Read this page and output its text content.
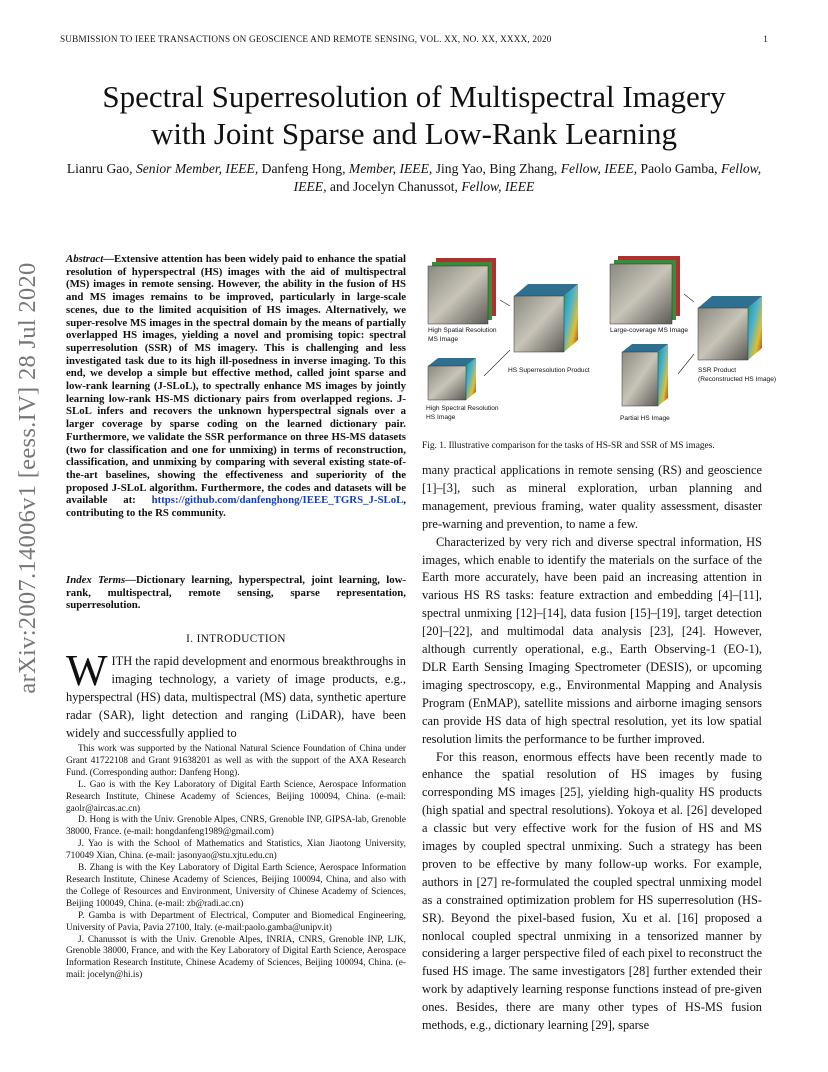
SUBMISSION TO IEEE TRANSACTIONS ON GEOSCIENCE AND REMOTE SENSING, VOL. XX, NO. XX, XXXX, 2020	1
Spectral Superresolution of Multispectral Imagery
with Joint Sparse and Low-Rank Learning
Lianru Gao, Senior Member, IEEE, Danfeng Hong, Member, IEEE, Jing Yao, Bing Zhang, Fellow, IEEE, Paolo Gamba, Fellow, IEEE, and Jocelyn Chanussot, Fellow, IEEE
arXiv:2007.14006v1 [eess.IV] 28 Jul 2020
Abstract—Extensive attention has been widely paid to enhance the spatial resolution of hyperspectral (HS) images with the aid of multispectral (MS) images in remote sensing. However, the ability in the fusion of HS and MS images remains to be improved, particularly in large-scale scenes, due to the limited acquisition of HS images. Alternatively, we super-resolve MS images in the spectral domain by the means of partially overlapped HS images, yielding a novel and promising topic: spectral superresolution (SSR) of MS imagery. This is challenging and less investigated task due to its high ill-posedness in inverse imaging. To this end, we develop a simple but effective method, called joint sparse and low-rank learning (J-SLoL), to spectrally enhance MS images by jointly learning low-rank HS-MS dictionary pairs from overlapped regions. J-SLoL infers and recovers the unknown hyperspectral signals over a larger coverage by sparse coding on the learned dictionary pair. Furthermore, we validate the SSR performance on three HS-MS datasets (two for classification and one for unmixing) in terms of reconstruction, classification, and unmixing by comparing with several existing state-of-the-art baselines, showing the effectiveness and superiority of the proposed J-SLoL algorithm. Furthermore, the codes and datasets will be available at: https://github.com/danfenghong/IEEE_TGRS_J-SLoL, contributing to the RS community.
Index Terms—Dictionary learning, hyperspectral, joint learning, low-rank, multispectral, remote sensing, sparse representation, superresolution.
I. INTRODUCTION
WITH the rapid development and enormous breakthroughs in imaging technology, a variety of image products, e.g., hyperspectral (HS) data, multispectral (MS) data, synthetic aperture radar (SAR), light detection and ranging (LiDAR), have been widely and successfully applied to

This work was supported by the National Natural Science Foundation of China under Grant 41722108 and Grant 91638201 as well as with the support of the AXA Research Fund. (Corresponding author: Danfeng Hong).

L. Gao is with the Key Laboratory of Digital Earth Science, Aerospace Information Research Institute, Chinese Academy of Sciences, Beijing 100094, China. (e-mail: gaolr@aircas.ac.cn)

D. Hong is with the Univ. Grenoble Alpes, CNRS, Grenoble INP, GIPSA-lab, Grenoble 38000, France. (e-mail: hongdanfeng1989@gmail.com)

J. Yao is with the School of Mathematics and Statistics, Xian Jiaotong University, 710049 Xian, China. (e-mail: jasonyao@stu.xjtu.edu.cn)

B. Zhang is with the Key Laboratory of Digital Earth Science, Aerospace Information Research Institute, Chinese Academy of Sciences, Beijing 100094, China, and also with the College of Resources and Environment, University of Chinese Academy of Sciences, Beijing 100049, China. (e-mail: zb@radi.ac.cn)

P. Gamba is with Department of Electrical, Computer and Biomedical Engineering, University of Pavia, Pavia 27100, Italy. (e-mail:paolo.gamba@unipv.it)

J. Chanussot is with the Univ. Grenoble Alpes, INRIA, CNRS, Grenoble INP, LJK, Grenoble 38000, France, and with the Key Laboratory of Digital Earth Science, Aerospace Information Research Institute, Chinese Academy of Sciences, Beijing 100094, China. (e-mail: jocelyn@hi.is)

High Spatial Resolution
MS Image
HS Superresolution Product
High Spectral Resolution
HS Image
Large-coverage MS Image
Partial HS Image
SSR Product
(Reconstructed HS Image)
Fig. 1. Illustrative comparison for the tasks of HS-SR and SSR of MS images.

many practical applications in remote sensing (RS) and geoscience [1]–[3], such as mineral exploration, urban planning and management, previous framing, water quality assessment, disaster pre-warning and prevention, to name a few.

Characterized by very rich and diverse spectral information, HS images, which enable to identify the materials on the surface of the Earth more accurately, have been paid an increasing attention in various HS RS tasks: feature extraction and embedding [4]–[11], spectral unmixing [12]–[14], data fusion [15]–[19], target detection [20]–[22], and multimodal data analysis [23], [24]. However, although currently operational, e.g., Earth Observing-1 (EO-1), DLR Earth Sensing Imaging Spectrometer (DESIS), or upcoming imaging spectroscopy, e.g., Environmental Mapping and Analysis Program (EnMAP), satellite missions and airborne imaging sensors can provide HS data of high spectral resolution, yet its low spatial resolution limits the performance to be further improved.

For this reason, enormous effects have been recently made to enhance the spatial resolution of HS images by fusing corresponding MS images [25], yielding high-quality HS products (high spatial and spectral resolutions). Yokoya et al. [26] developed a classic but very effective work for the fusion of HS and MS images by coupled spectral unmixing. Such a strategy has been proven to be effective by many follow-up works. For example, authors in [27] re-formulated the coupled spectral unmixing model as a constrained optimization problem for HS superresolution (HS-SR). Beyond the pixel-based fusion, Xu et al. [16] proposed a nonlocal coupled spectral unmixing in a tensorized manner by considering a larger perspective filed of each pixel to reconstruct the fused HS image. The same investigators [28] further extended their work by adaptively learning response functions instead of pre-given ones. Besides, there are many other types of HS-MS fusion methods, e.g., dictionary learning [29], sparse
